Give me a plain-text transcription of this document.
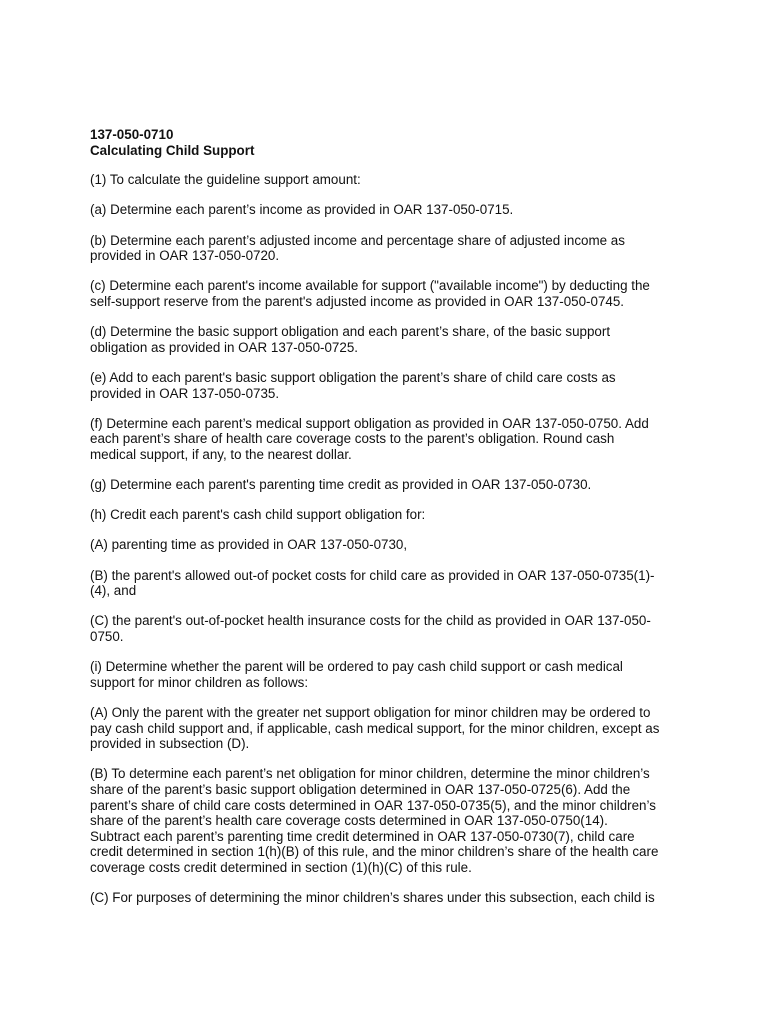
137-050-0710
Calculating Child Support

(1) To calculate the guideline support amount:

(a) Determine each parent’s income as provided in OAR 137-050-0715.

(b) Determine each parent’s adjusted income and percentage share of adjusted income as
provided in OAR 137-050-0720.

(c) Determine each parent's income available for support ("available income") by deducting the
self-support reserve from the parent's adjusted income as provided in OAR 137-050-0745.

(d) Determine the basic support obligation and each parent’s share, of the basic support
obligation as provided in OAR 137-050-0725.

(e) Add to each parent's basic support obligation the parent’s share of child care costs as
provided in OAR 137-050-0735.

(f) Determine each parent’s medical support obligation as provided in OAR 137-050-0750. Add
each parent’s share of health care coverage costs to the parent’s obligation. Round cash
medical support, if any, to the nearest dollar.

(g) Determine each parent's parenting time credit as provided in OAR 137-050-0730.

(h) Credit each parent's cash child support obligation for:

(A) parenting time as provided in OAR 137-050-0730,

(B) the parent's allowed out-of pocket costs for child care as provided in OAR 137-050-0735(1)-
(4), and

(C) the parent's out-of-pocket health insurance costs for the child as provided in OAR 137-050-
0750.

(i) Determine whether the parent will be ordered to pay cash child support or cash medical
support for minor children as follows:

(A) Only the parent with the greater net support obligation for minor children may be ordered to
pay cash child support and, if applicable, cash medical support, for the minor children, except as
provided in subsection (D).

(B) To determine each parent’s net obligation for minor children, determine the minor children’s
share of the parent’s basic support obligation determined in OAR 137-050-0725(6). Add the
parent’s share of child care costs determined in OAR 137-050-0735(5), and the minor children’s
share of the parent’s health care coverage costs determined in OAR 137-050-0750(14).
Subtract each parent’s parenting time credit determined in OAR 137-050-0730(7), child care
credit determined in section 1(h)(B) of this rule, and the minor children’s share of the health care
coverage costs credit determined in section (1)(h)(C) of this rule.

(C) For purposes of determining the minor children’s shares under this subsection, each child is
